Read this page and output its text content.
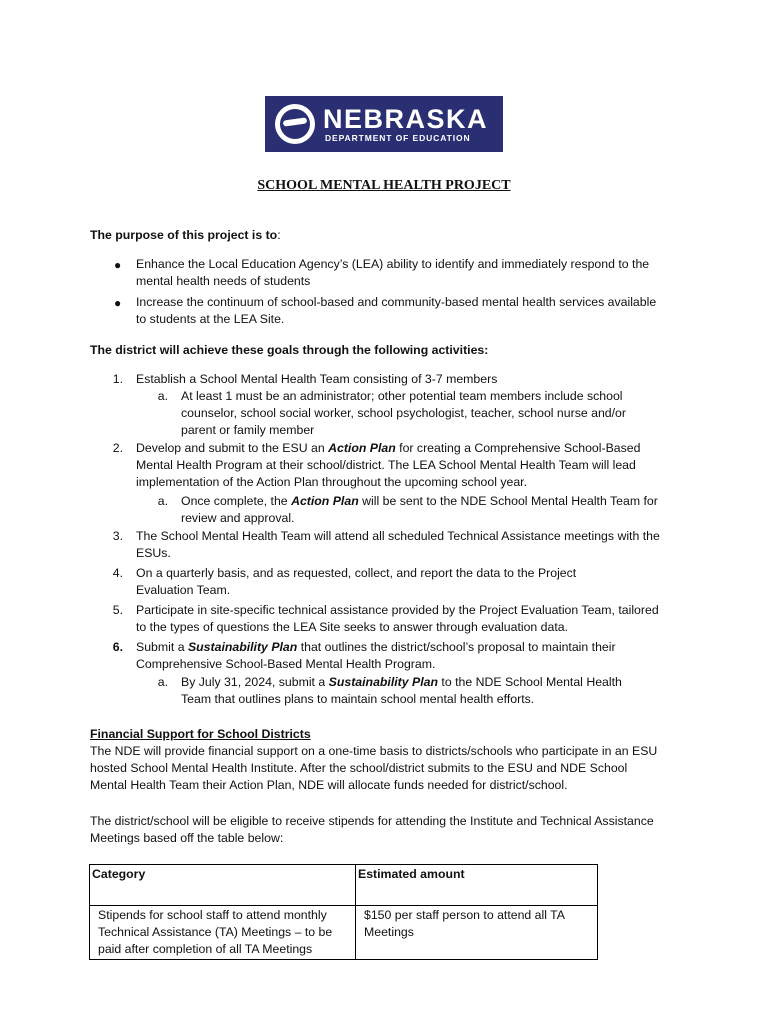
NEBRASKA
DEPARTMENT OF EDUCATION
SCHOOL MENTAL HEALTH PROJECT
The purpose of this project is to:
● Enhance the Local Education Agency’s (LEA) ability to identify and immediately respond to the
mental health needs of students
● Increase the continuum of school-based and community-based mental health services available
to students at the LEA Site.
The district will achieve these goals through the following activities:
1. Establish a School Mental Health Team consisting of 3-7 members
a. At least 1 must be an administrator; other potential team members include school
counselor, school social worker, school psychologist, teacher, school nurse and/or
parent or family member
2. Develop and submit to the ESU an Action Plan for creating a Comprehensive School-Based
Mental Health Program at their school/district. The LEA School Mental Health Team will lead
implementation of the Action Plan throughout the upcoming school year.
a. Once complete, the Action Plan will be sent to the NDE School Mental Health Team for
review and approval.
3. The School Mental Health Team will attend all scheduled Technical Assistance meetings with the
ESUs.
4. On a quarterly basis, and as requested, collect, and report the data to the Project
Evaluation Team.
5. Participate in site-specific technical assistance provided by the Project Evaluation Team, tailored
to the types of questions the LEA Site seeks to answer through evaluation data.
6. Submit a Sustainability Plan that outlines the district/school’s proposal to maintain their
Comprehensive School-Based Mental Health Program.
a. By July 31, 2024, submit a Sustainability Plan to the NDE School Mental Health
Team that outlines plans to maintain school mental health efforts.
Financial Support for School Districts
The NDE will provide financial support on a one-time basis to districts/schools who participate in an ESU
hosted School Mental Health Institute. After the school/district submits to the ESU and NDE School
Mental Health Team their Action Plan, NDE will allocate funds needed for district/school.
The district/school will be eligible to receive stipends for attending the Institute and Technical Assistance
Meetings based off the table below:
Category	Estimated amount
Stipends for school staff to attend monthly
Technical Assistance (TA) Meetings – to be
paid after completion of all TA Meetings
$150 per staff person to attend all TA
Meetings
